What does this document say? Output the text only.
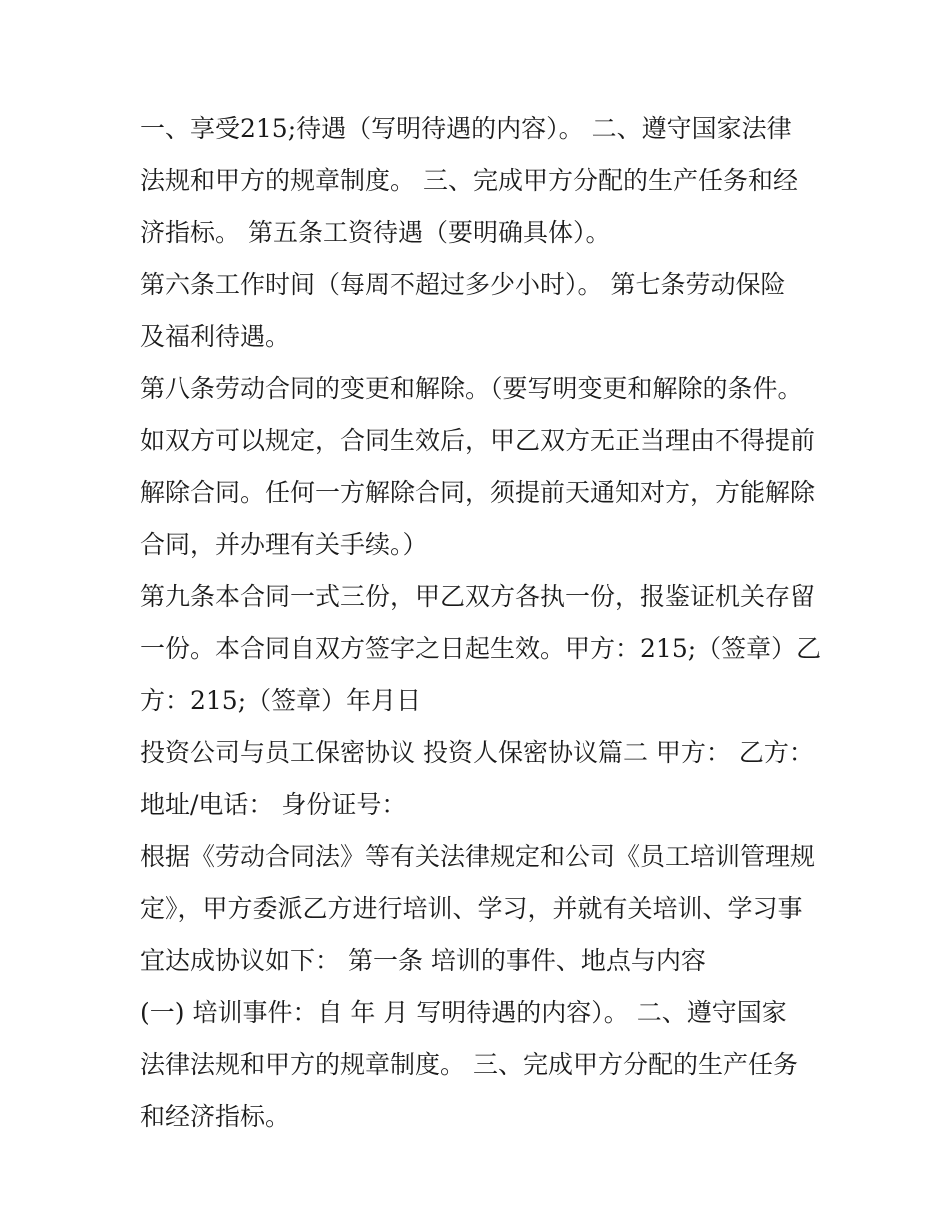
一、享受215;待遇（写明待遇的内容）。 二、遵守国家法律
法规和甲方的规章制度。 三、完成甲方分配的生产任务和经
济指标。 第五条工资待遇（要明确具体）。

第六条工作时间（每周不超过多少小时）。 第七条劳动保险
及福利待遇。

第八条劳动合同的变更和解除。（要写明变更和解除的条件。
如双方可以规定，合同生效后，甲乙双方无正当理由不得提前
解除合同。任何一方解除合同，须提前天通知对方，方能解除
合同，并办理有关手续。）

第九条本合同一式三份，甲乙双方各执一份，报鉴证机关存留
一份。本合同自双方签字之日起生效。甲方：215;（签章）乙
方：215;（签章）年月日

投资公司与员工保密协议 投资人保密协议篇二 甲方： 乙方：
地址/电话： 身份证号：

根据《劳动合同法》等有关法律规定和公司《员工培训管理规
定》，甲方委派乙方进行培训、学习，并就有关培训、学习事
宜达成协议如下： 第一条 培训的事件、地点与内容

(一) 培训事件：自 年 月 写明待遇的内容）。 二、遵守国家
法律法规和甲方的规章制度。 三、完成甲方分配的生产任务
和经济指标。
